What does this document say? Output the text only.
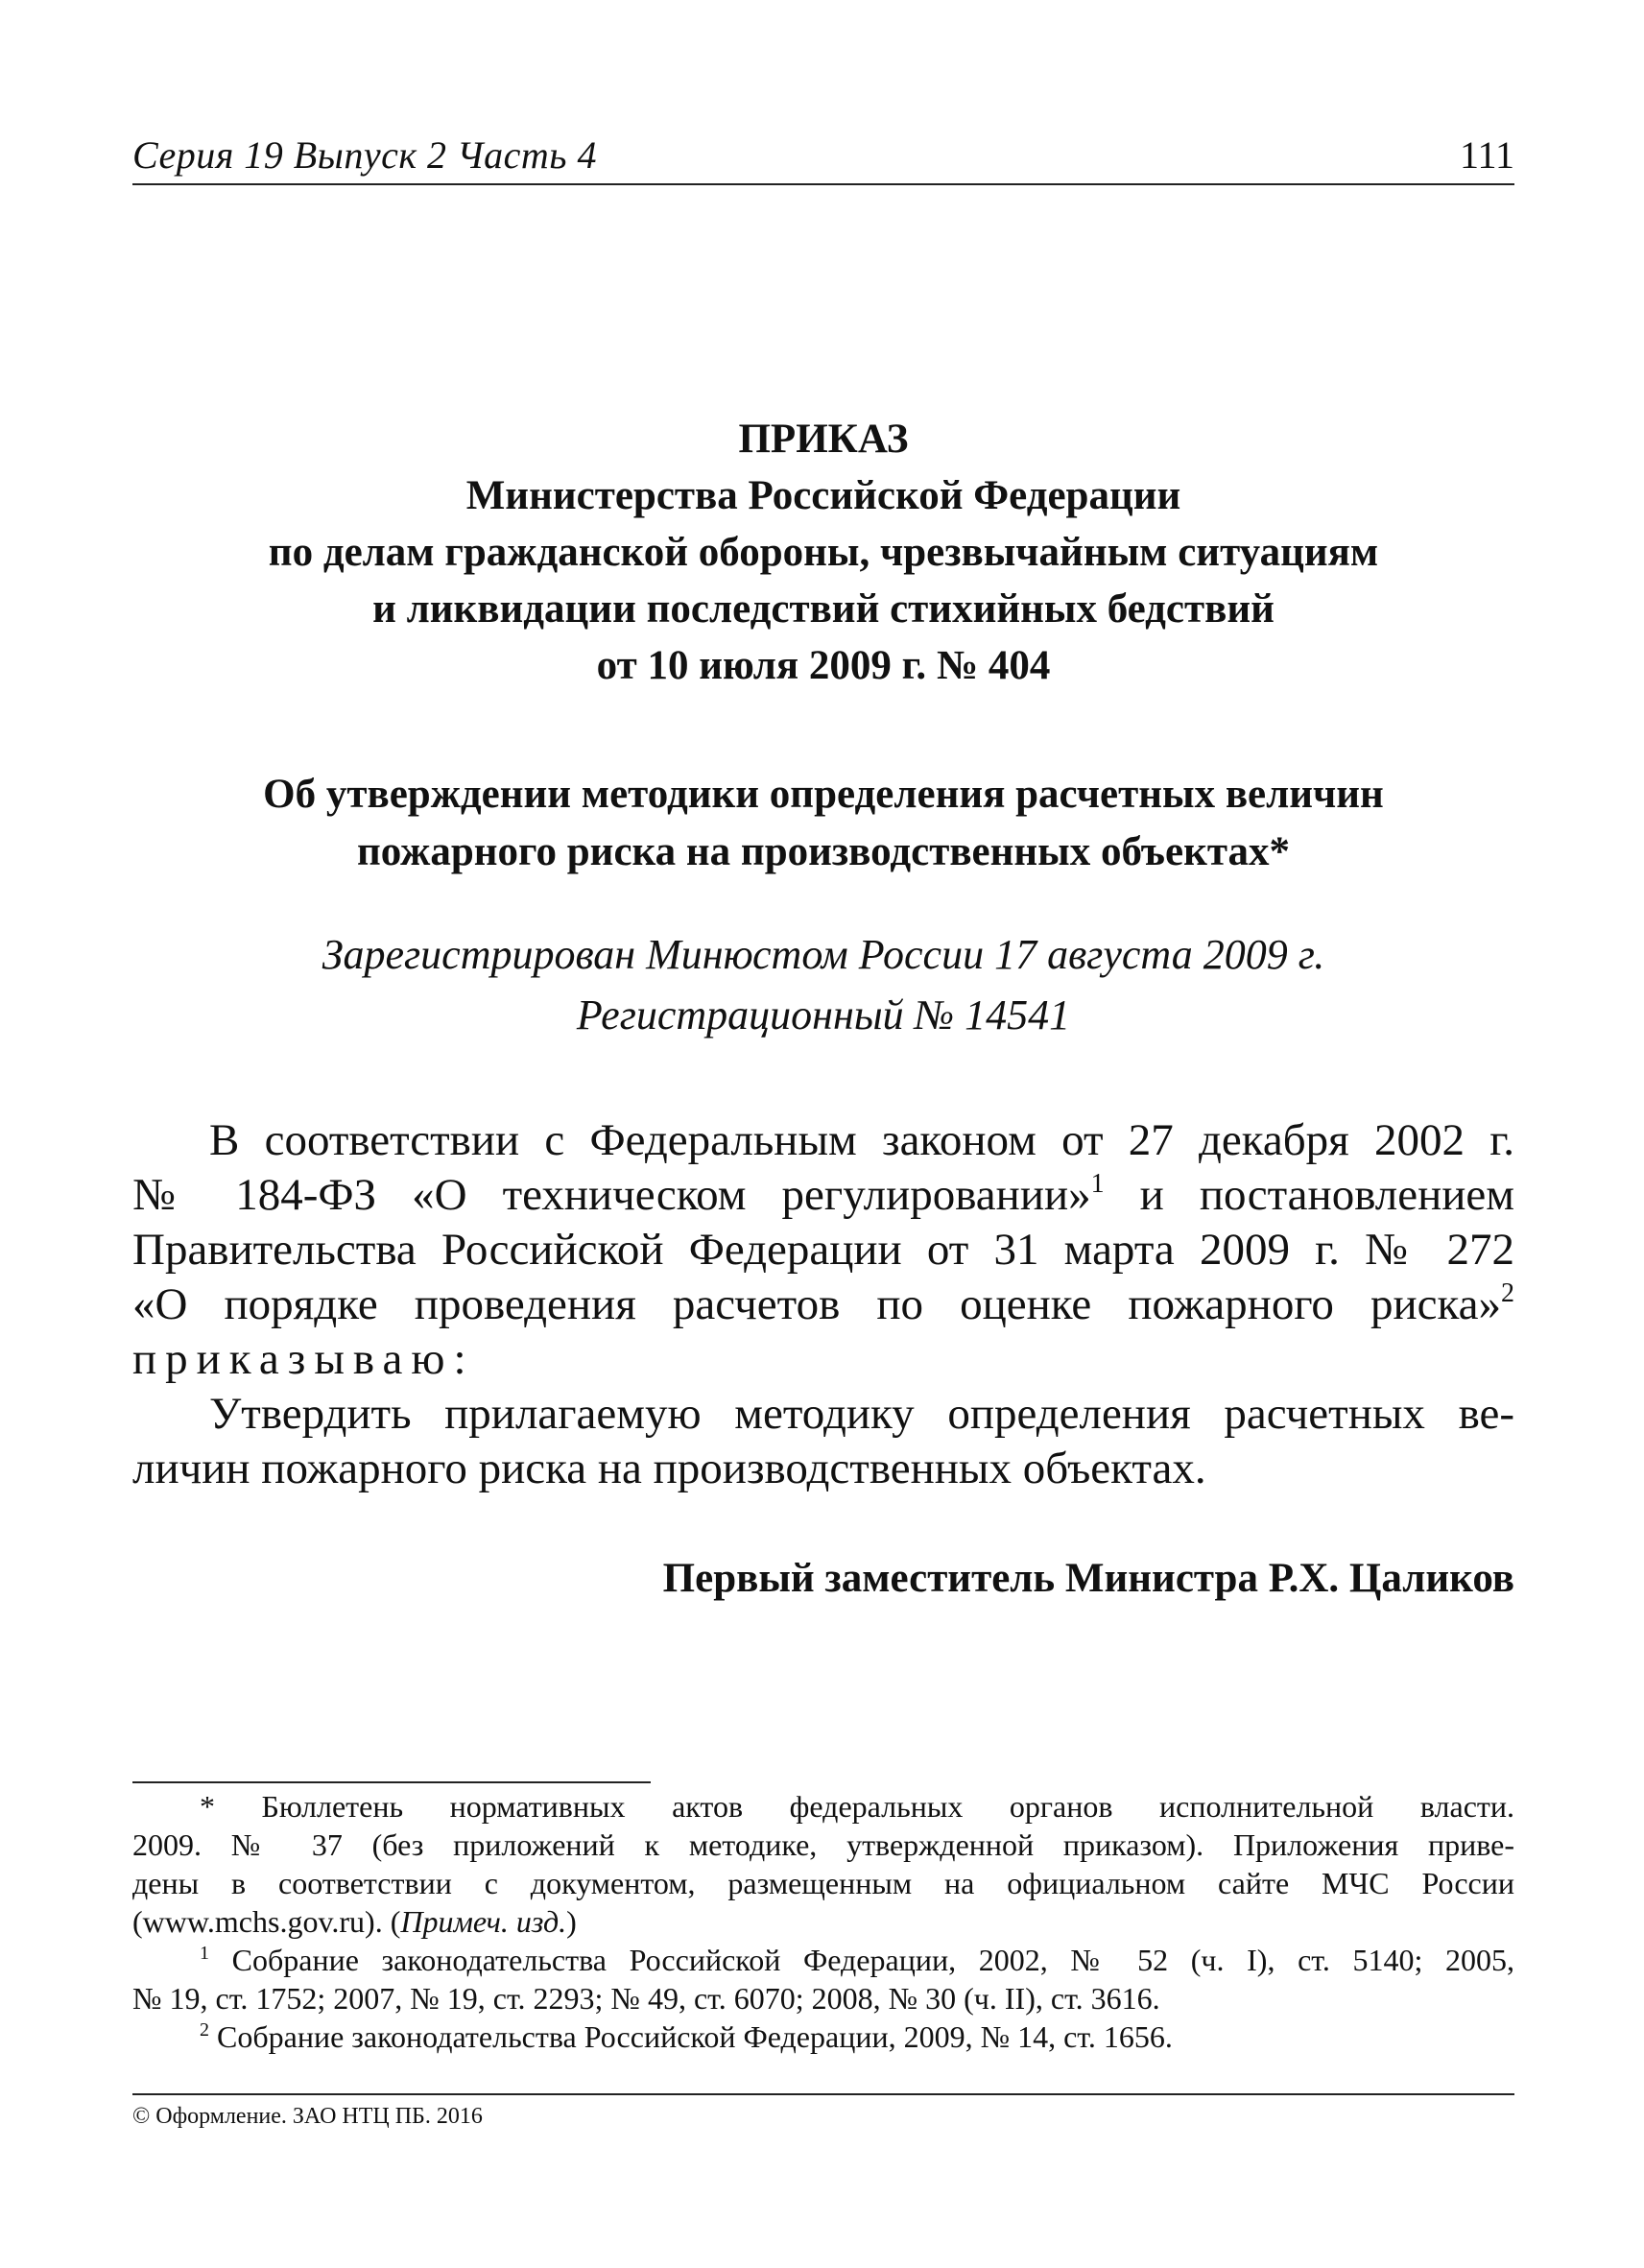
Серия 19 Выпуск 2 Часть 4	111
ПРИКАЗ
Министерства Российской Федерации
по делам гражданской обороны, чрезвычайным ситуациям
и ликвидации последствий стихийных бедствий
от 10 июля 2009 г. № 404
Об утверждении методики определения расчетных величин
пожарного риска на производственных объектах*
Зарегистрирован Минюстом России 17 августа 2009 г.
Регистрационный № 14541
В соответствии с Федеральным законом от 27 декабря 2002 г.
№ 184-ФЗ «О техническом регулировании»$^1$ и постановлением
Правительства Российской Федерации от 31 марта 2009 г. № 272
«О порядке проведения расчетов по оценке пожарного риска»$^2$
приказываю:
Утвердить прилагаемую методику определения расчетных ве-
личин пожарного риска на производственных объектах.
Первый заместитель Министра Р.Х. Цаликов
* Бюллетень нормативных актов федеральных органов исполнительной власти.
2009. № 37 (без приложений к методике, утвержденной приказом). Приложения приве-
дены в соответствии с документом, размещенным на официальном сайте МЧС России
(www.mchs.gov.ru). (Примеч. изд.)
$^1$ Собрание законодательства Российской Федерации, 2002, № 52 (ч. I), ст. 5140; 2005,
№ 19, ст. 1752; 2007, № 19, ст. 2293; № 49, ст. 6070; 2008, № 30 (ч. II), ст. 3616.
$^2$ Собрание законодательства Российской Федерации, 2009, № 14, ст. 1656.
© Оформление. ЗАО НТЦ ПБ. 2016
